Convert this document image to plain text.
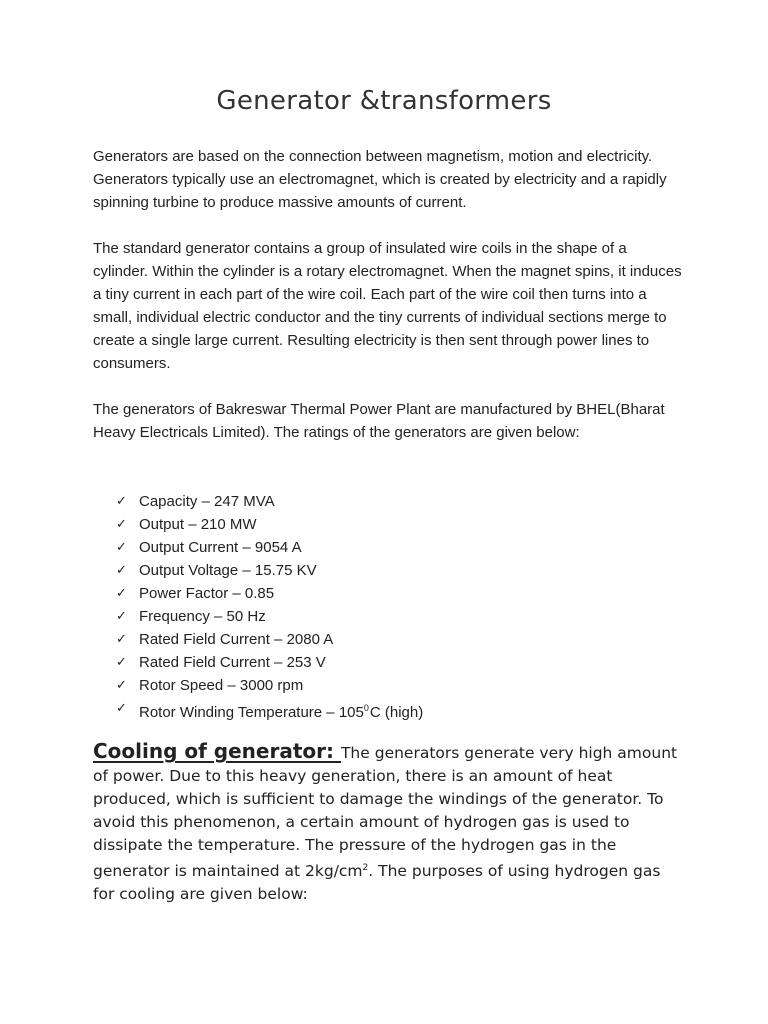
Generator &transformers

Generators are based on the connection between magnetism, motion and electricity. Generators typically use an electromagnet, which is created by electricity and a rapidly spinning turbine to produce massive amounts of current.

The standard generator contains a group of insulated wire coils in the shape of a cylinder. Within the cylinder is a rotary electromagnet. When the magnet spins, it induces a tiny current in each part of the wire coil. Each part of the wire coil then turns into a small, individual electric conductor and the tiny currents of individual sections merge to create a single large current. Resulting electricity is then sent through power lines to consumers.

The generators of Bakreswar Thermal Power Plant are manufactured by BHEL(Bharat Heavy Electricals Limited). The ratings of the generators are given below:

✓ Capacity – 247 MVA
✓ Output – 210 MW
✓ Output Current – 9054 A
✓ Output Voltage – 15.75 KV
✓ Power Factor – 0.85
✓ Frequency – 50 Hz
✓ Rated Field Current – 2080 A
✓ Rated Field Current – 253 V
✓ Rotor Speed – 3000 rpm
✓ Rotor Winding Temperature – $105^0C$ (high)

Cooling of generator: The generators generate very high amount of power. Due to this heavy generation, there is an amount of heat produced, which is sufficient to damage the windings of the generator. To avoid this phenomenon, a certain amount of hydrogen gas is used to dissipate the temperature. The pressure of the hydrogen gas in the generator is maintained at $2kg/cm^2$. The purposes of using hydrogen gas for cooling are given below:
